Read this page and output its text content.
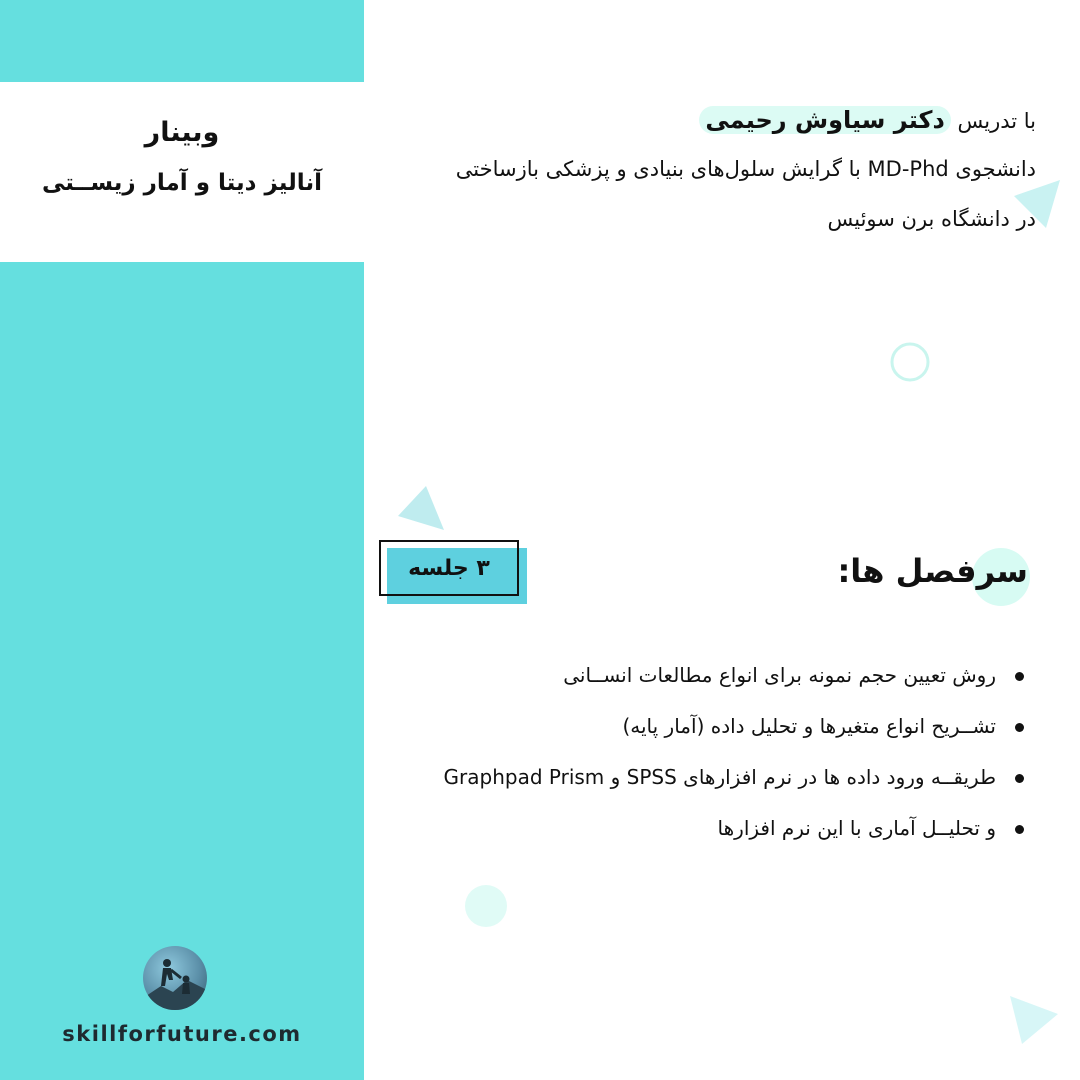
وبینار
آنالیز دیتا و آمار زیســتی
skillforfuture.com
با تدریس دکتر سیاوش رحیمی
دانشجوی MD-Phd با گرایش سلول‌های بنیادی و پزشکی بازساختی
در دانشگاه برن سوئیس
۳ جلسه	سرفصل ها:
روش تعیین حجم نمونه برای انواع مطالعات انســانی
تشــریح انواع متغیرها و تحلیل داده (آمار پایه)
طریقــه ورود داده ها در نرم افزارهای SPSS و Graphpad Prism
و تحلیــل آماری با این نرم افزارها
